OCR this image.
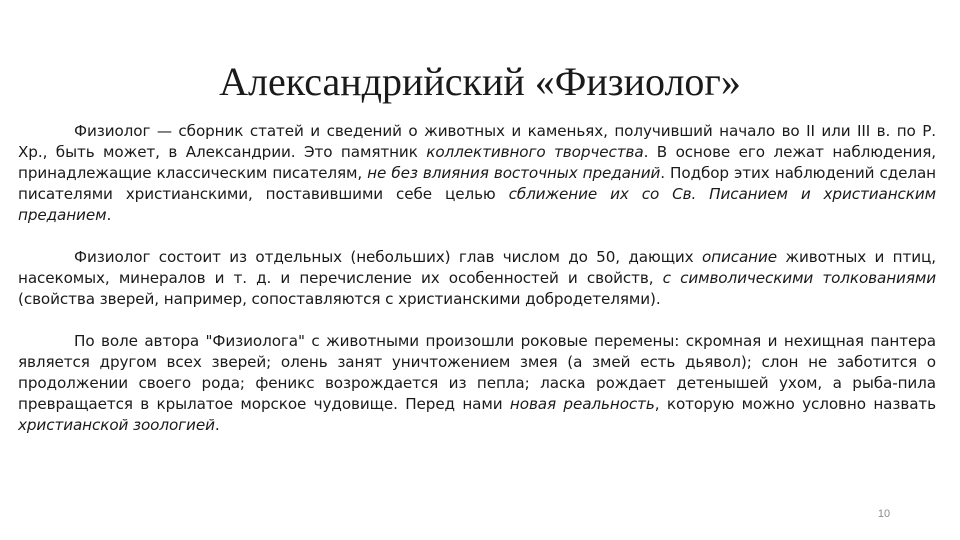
Александрийский «Физиолог»

Физиолог — сборник статей и сведений о животных и каменьях, получивший начало во II или III в. по Р. Хр., быть может, в Александрии. Это памятник коллективного творчества. В основе его лежат наблюдения, принадлежащие классическим писателям, не без влияния восточных преданий. Подбор этих наблюдений сделан писателями христианскими, поставившими себе целью сближение их со Св. Писанием и христианским преданием.

Физиолог состоит из отдельных (небольших) глав числом до 50, дающих описание животных и птиц, насекомых, минералов и т. д. и перечисление их особенностей и свойств, с символическими толкованиями (свойства зверей, например, сопоставляются с христианскими добродетелями).

По воле автора "Физиолога" с животными произошли роковые перемены: скромная и нехищная пантера является другом всех зверей; олень занят уничтожением змея (а змей есть дьявол); слон не заботится о продолжении своего рода; феникс возрождается из пепла; ласка рождает детенышей ухом, а рыба-пила превращается в крылатое морское чудовище. Перед нами новая реальность, которую можно условно назвать христианской зоологией.

10
